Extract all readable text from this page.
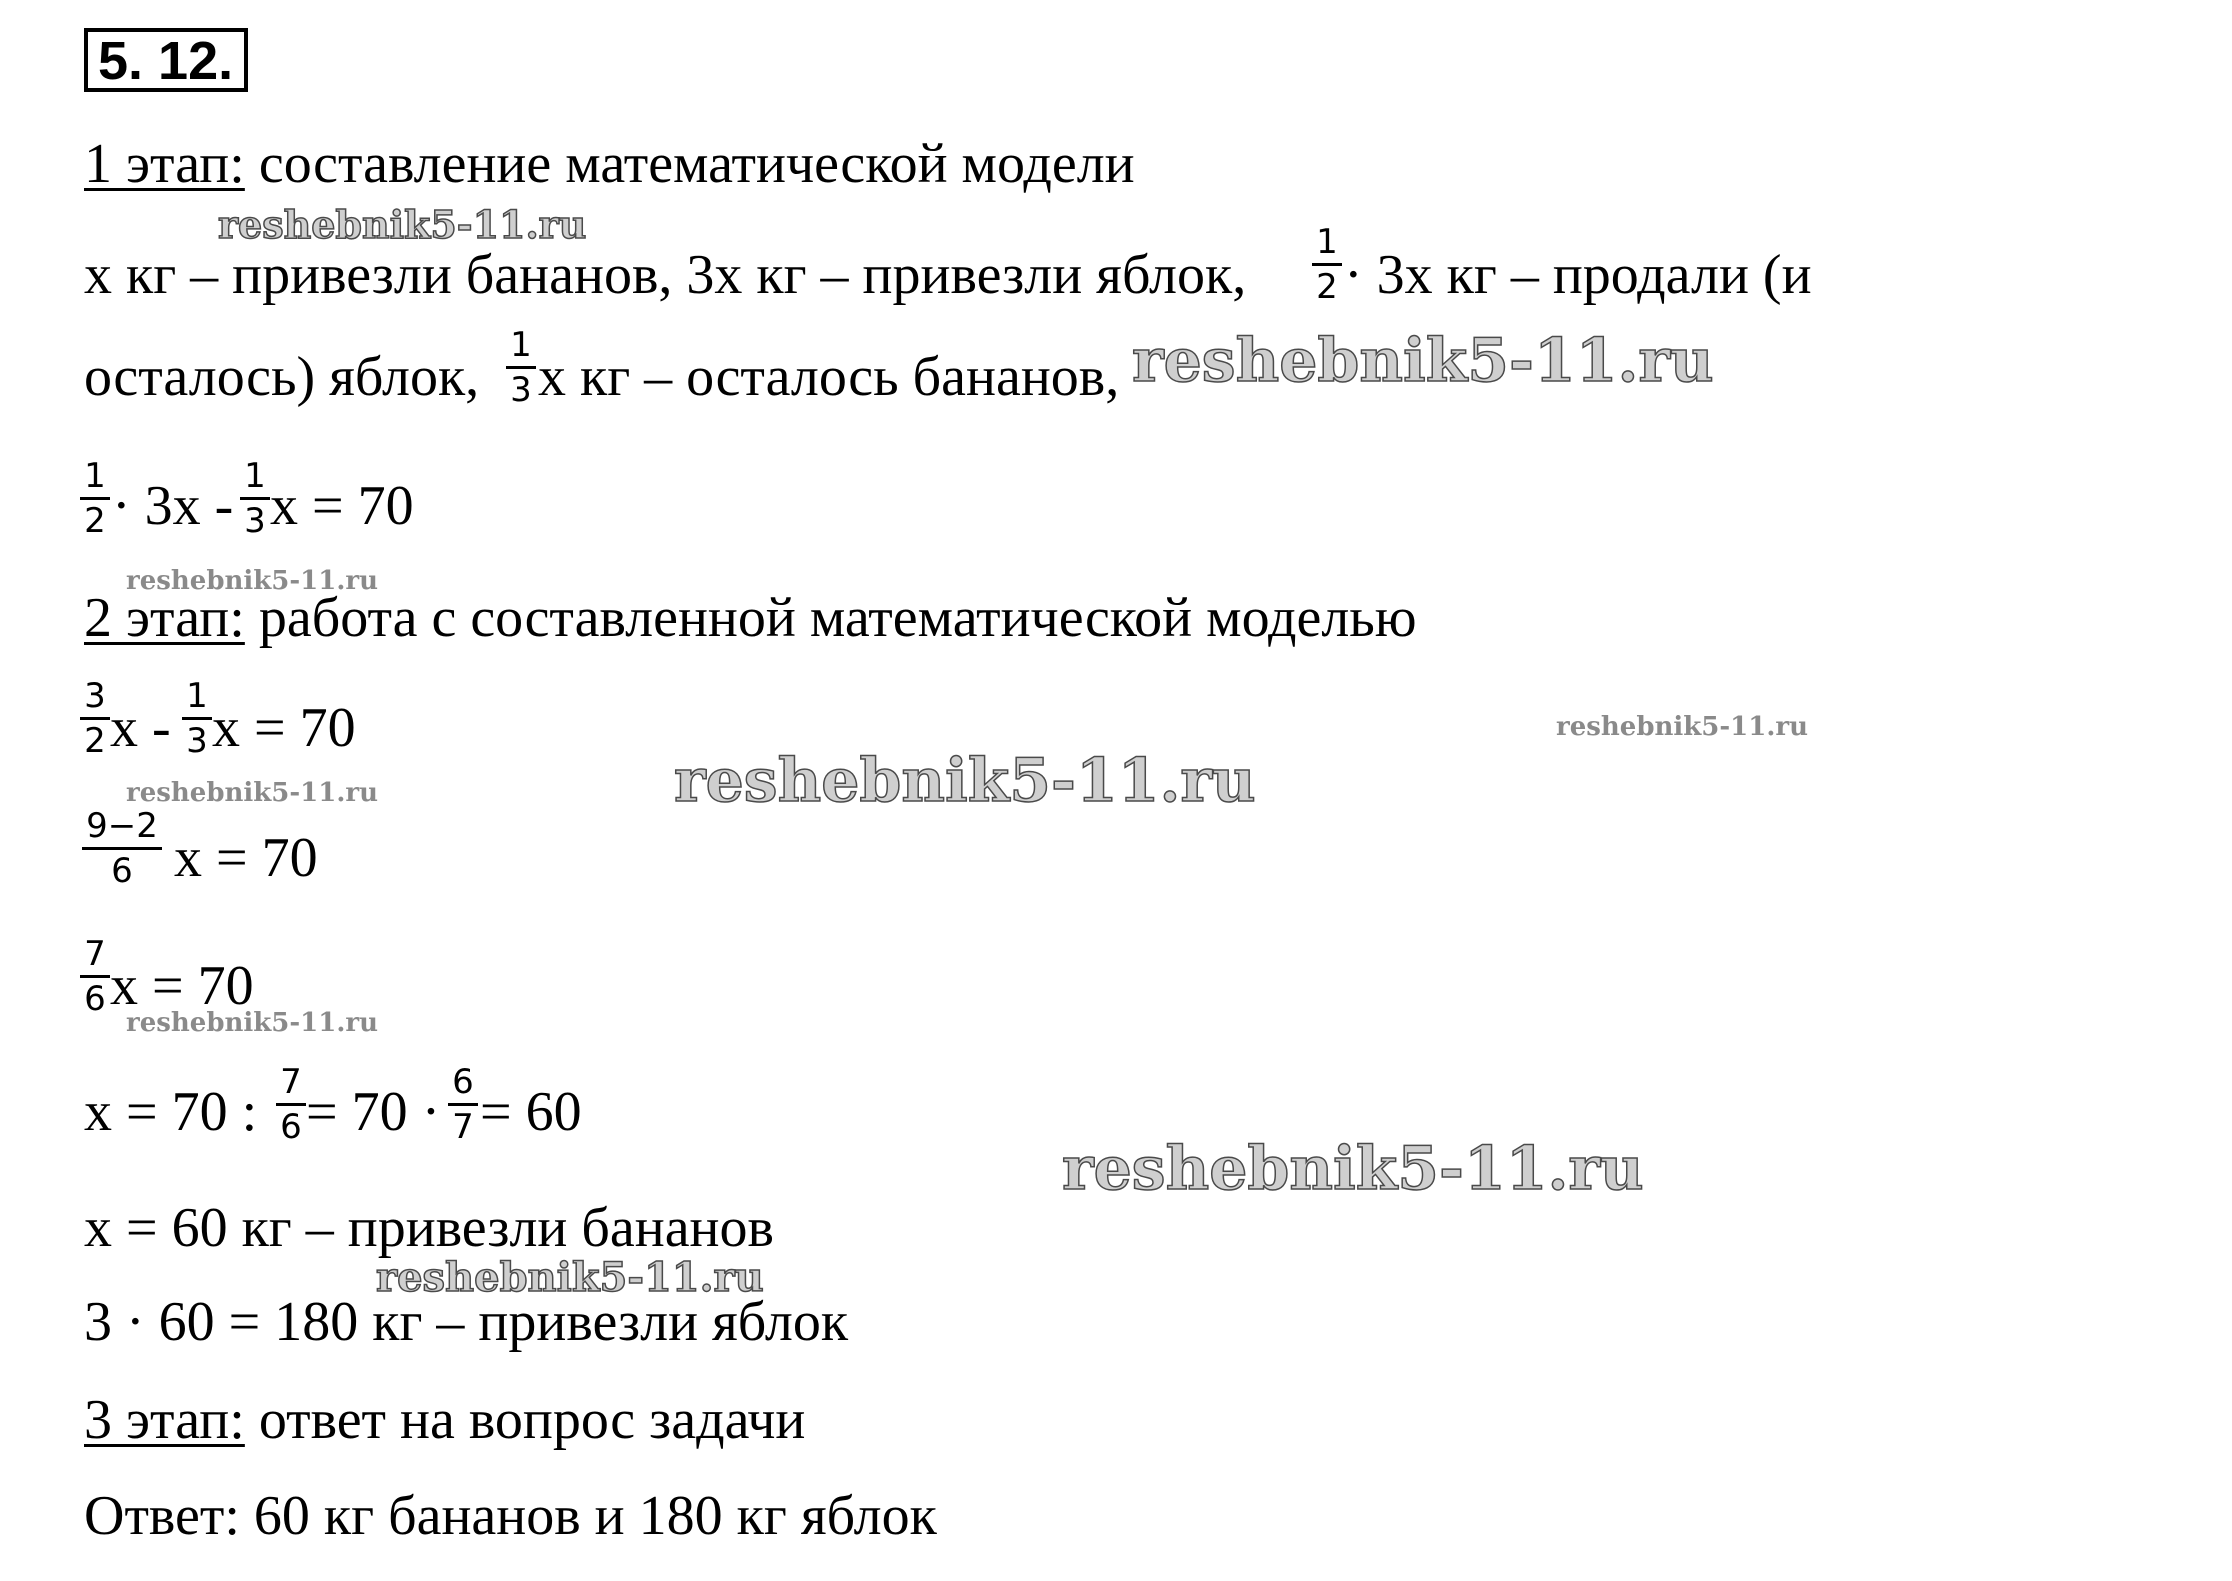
5. 12.
1 этап: составление математической модели
x кг – привезли бананов, 3x кг – привезли яблок,
1
2 · 3x кг – продали (и
осталось) яблок,
1
3 x кг – осталось бананов,
1
2 · 3x - 1
3 x = 70
2 этап: работа с составленной математической моделью
3
2 x -
1
3 x = 70
9−2
6 x = 70
7
6 x = 70
x = 70 : 7
6 = 70 · 6
7 = 60
x = 60 кг – привезли бананов
3 · 60 = 180 кг – привезли яблок
3 этап: ответ на вопрос задачи
Ответ: 60 кг бананов и 180 кг яблок
reshebnik5-11.ru
reshebnik5-11.ru
reshebnik5-11.ru
reshebnik5-11.ru
reshebnik5-11.ru
reshebnik5-11.ru
reshebnik5-11.ru
reshebnik5-11.ru
reshebnik5-11.ru
